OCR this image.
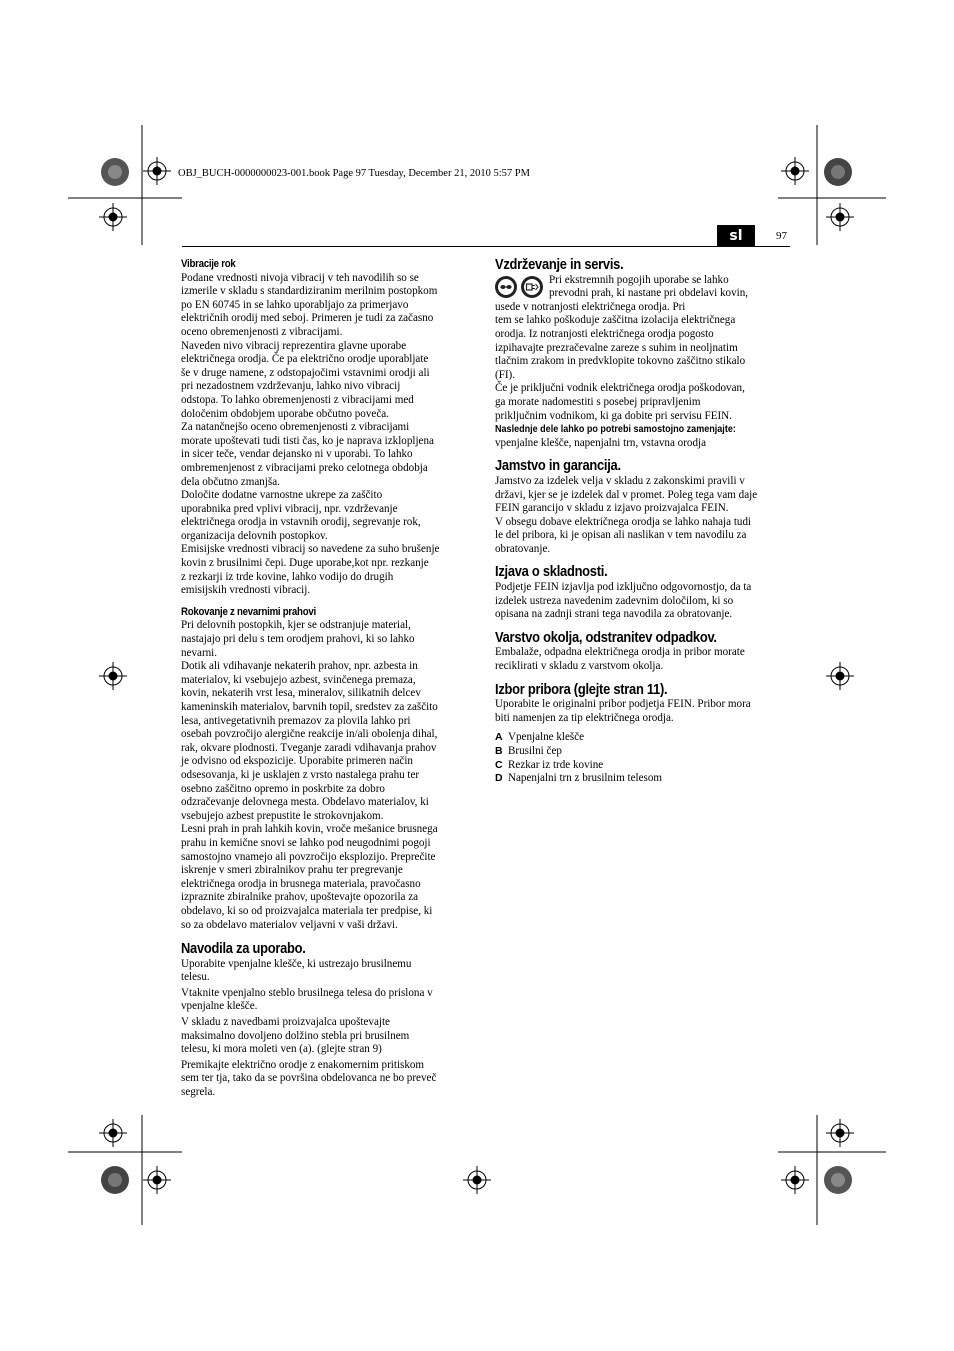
OBJ_BUCH-0000000023-001.book Page 97 Tuesday, December 21, 2010 5:57 PM
sl	97

Vibracije rok

Podane vrednosti nivoja vibracij v teh navodilih so se
izmerile v skladu s standardiziranim merilnim postopkom
po EN 60745 in se lahko uporabljajo za primerjavo
električnih orodij med seboj. Primeren je tudi za začasno
oceno obremenjenosti z vibracijami.
Naveden nivo vibracij reprezentira glavne uporabe
električnega orodja. Če pa električno orodje uporabljate
še v druge namene, z odstopajočimi vstavnimi orodji ali
pri nezadostnem vzdrževanju, lahko nivo vibracij
odstopa. To lahko obremenjenosti z vibracijami med
določenim obdobjem uporabe občutno poveča.
Za natančnejšo oceno obremenjenosti z vibracijami
morate upoštevati tudi tisti čas, ko je naprava izklopljena
in sicer teče, vendar dejansko ni v uporabi. To lahko
ombremenjenost z vibracijami preko celotnega obdobja
dela občutno zmanjša.
Določite dodatne varnostne ukrepe za zaščito
uporabnika pred vplivi vibracij, npr. vzdrževanje
električnega orodja in vstavnih orodij, segrevanje rok,
organizacija delovnih postopkov.
Emisijske vrednosti vibracij so navedene za suho brušenje
kovin z brusilnimi čepi. Duge uporabe,kot npr. rezkanje
z rezkarji iz trde kovine, lahko vodijo do drugih
emisijskih vrednosti vibracij.

Rokovanje z nevarnimi prahovi

Pri delovnih postopkih, kjer se odstranjuje material,
nastajajo pri delu s tem orodjem prahovi, ki so lahko
nevarni.
Dotik ali vdihavanje nekaterih prahov, npr. azbesta in
materialov, ki vsebujejo azbest, svinčenega premaza,
kovin, nekaterih vrst lesa, mineralov, silikatnih delcev
kameninskih materialov, barvnih topil, sredstev za zaščito
lesa, antivegetativnih premazov za plovila lahko pri
osebah povzročijo alergične reakcije in/ali obolenja dihal,
rak, okvare plodnosti. Tveganje zaradi vdihavanja prahov
je odvisno od ekspozicije. Uporabite primeren način
odsesovanja, ki je usklajen z vrsto nastalega prahu ter
osebno zaščitno opremo in poskrbite za dobro
odzračevanje delovnega mesta. Obdelavo materialov, ki
vsebujejo azbest prepustite le strokovnjakom.
Lesni prah in prah lahkih kovin, vroče mešanice brusnega
prahu in kemične snovi se lahko pod neugodnimi pogoji
samostojno vnamejo ali povzročijo eksplozijo. Preprečite
iskrenje v smeri zbiralnikov prahu ter pregrevanje
električnega orodja in brusnega materiala, pravočasno
izpraznite zbiralnike prahov, upoštevajte opozorila za
obdelavo, ki so od proizvajalca materiala ter predpise, ki
so za obdelavo materialov veljavni v vaši državi.

Navodila za uporabo.

Uporabite vpenjalne klešče, ki ustrezajo brusilnemu
telesu.
Vtaknite vpenjalno steblo brusilnega telesa do prislona v
vpenjalne klešče.
V skladu z navedbami proizvajalca upoštevajte
maksimalno dovoljeno dolžino stebla pri brusilnem
telesu, ki mora moleti ven (a). (glejte stran 9)
Premikajte električno orodje z enakomernim pritiskom
sem ter tja, tako da se površina obdelovanca ne bo preveč
segrela.

Vzdrževanje in servis.

Pri ekstremnih pogojih uporabe se lahko
prevodni prah, ki nastane pri obdelavi kovin,
usede v notranjosti električnega orodja. Pri
tem se lahko poškoduje zaščitna izolacija električnega
orodja. Iz notranjosti električnega orodja pogosto
izpihavajte prezračevalne zareze s suhim in neoljnatim
tlačnim zrakom in predvklopite tokovno zaščitno stikalo
(FI).
Če je priključni vodnik električnega orodja poškodovan,
ga morate nadomestiti s posebej pripravljenim
priključnim vodnikom, ki ga dobite pri servisu FEIN.
Naslednje dele lahko po potrebi samostojno zamenjajte:

vpenjalne klešče, napenjalni trn, vstavna orodja

Jamstvo in garancija.

Jamstvo za izdelek velja v skladu z zakonskimi pravili v
državi, kjer se je izdelek dal v promet. Poleg tega vam daje
FEIN garancijo v skladu z izjavo proizvajalca FEIN.
V obsegu dobave električnega orodja se lahko nahaja tudi
le del pribora, ki je opisan ali naslikan v tem navodilu za
obratovanje.

Izjava o skladnosti.

Podjetje FEIN izjavlja pod izključno odgovornostjo, da ta
izdelek ustreza navedenim zadevnim določilom, ki so
opisana na zadnji strani tega navodila za obratovanje.

Varstvo okolja, odstranitev odpadkov.

Embalaže, odpadna električnega orodja in pribor morate
reciklirati v skladu z varstvom okolja.

Izbor pribora (glejte stran 11).

Uporabite le originalni pribor podjetja FEIN. Pribor mora
biti namenjen za tip električnega orodja.
A Vpenjalne klešče
B Brusilni čep
C Rezkar iz trde kovine
D Napenjalni trn z brusilnim telesom
